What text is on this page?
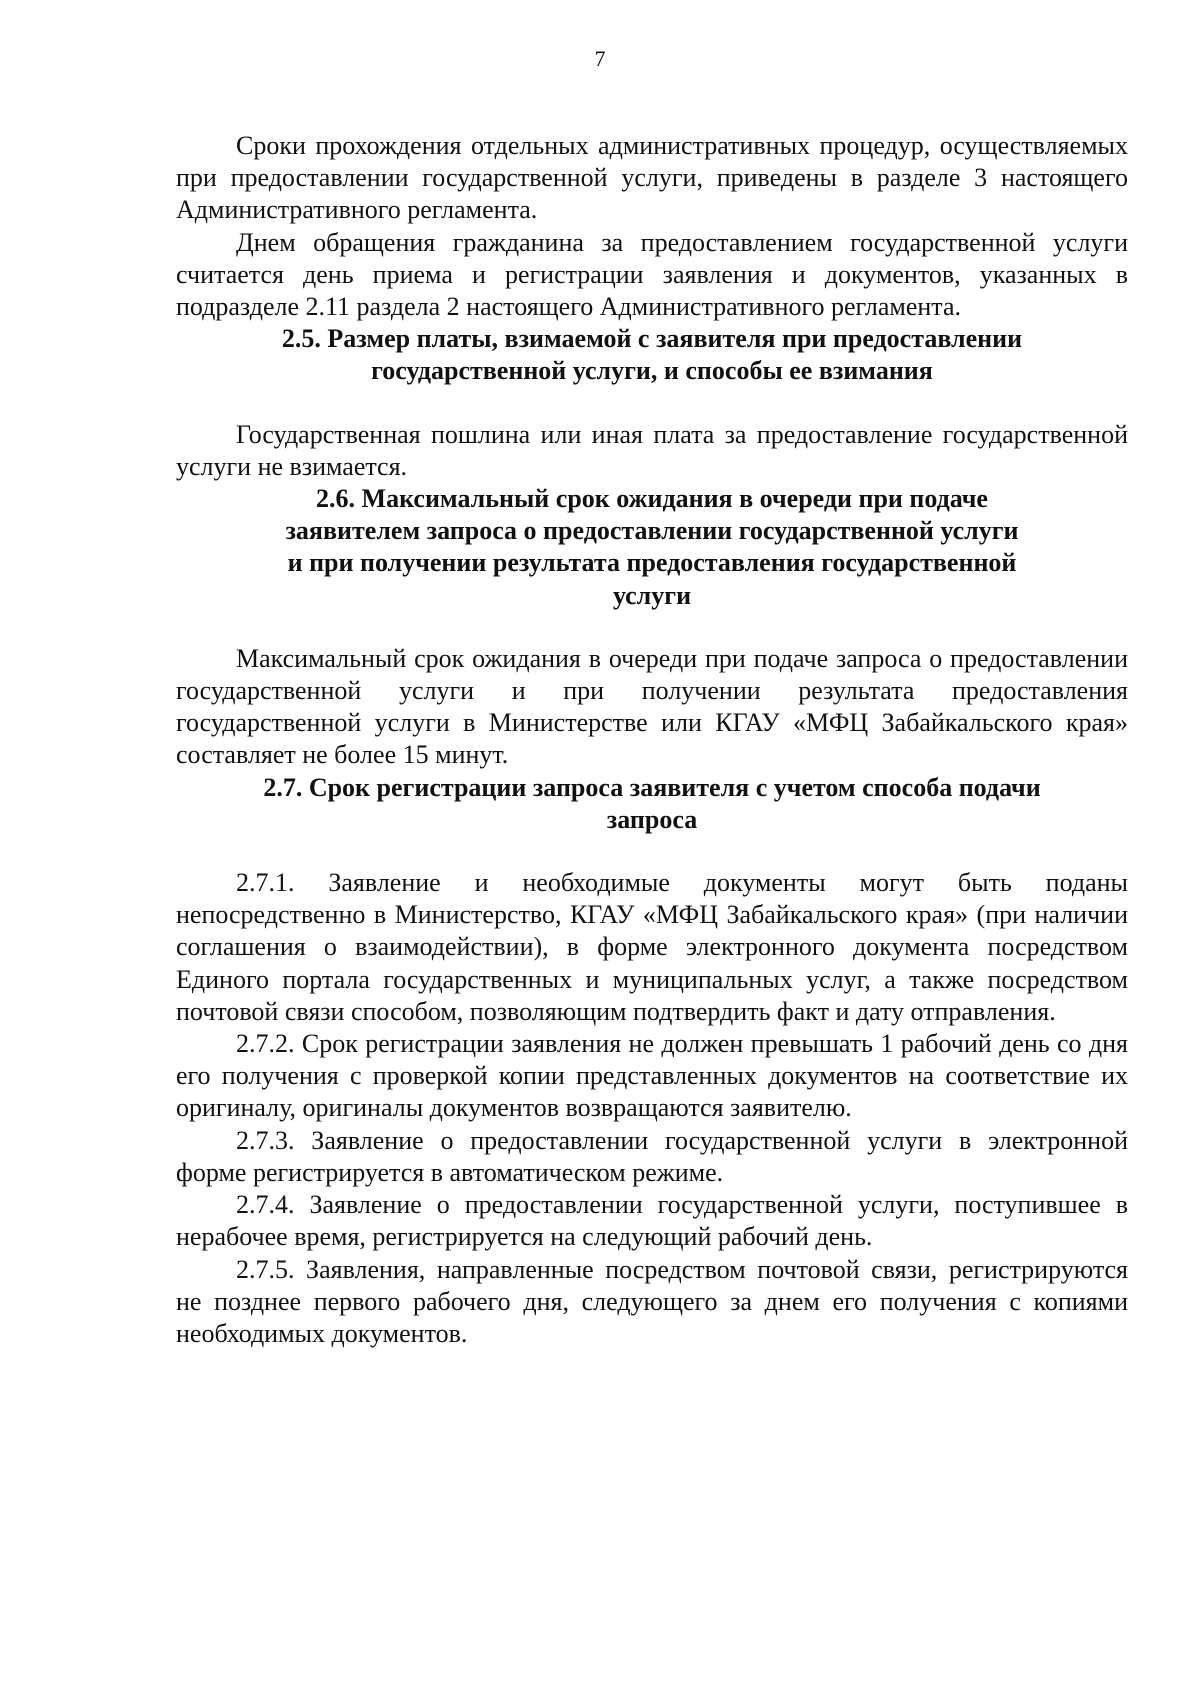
7

Сроки прохождения отдельных административных процедур, осуществляемых при предоставлении государственной услуги, приведены в разделе 3 настоящего Административного регламента.

Днем обращения гражданина за предоставлением государственной услуги считается день приема и регистрации заявления и документов, указанных в подразделе 2.11 раздела 2 настоящего Административного регламента.

2.5. Размер платы, взимаемой с заявителя при предоставлении
государственной услуги, и способы ее взимания

Государственная пошлина или иная плата за предоставление государственной услуги не взимается.

2.6. Максимальный срок ожидания в очереди при подаче
заявителем запроса о предоставлении государственной услуги
и при получении результата предоставления государственной
услуги

Максимальный срок ожидания в очереди при подаче запроса о предоставлении государственной услуги и при получении результата предоставления государственной услуги в Министерстве или КГАУ «МФЦ Забайкальского края» составляет не более 15 минут.

2.7. Срок регистрации запроса заявителя с учетом способа подачи
запроса

2.7.1. Заявление и необходимые документы могут быть поданы непосредственно в Министерство, КГАУ «МФЦ Забайкальского края» (при наличии соглашения о взаимодействии), в форме электронного документа посредством Единого портала государственных и муниципальных услуг, а также посредством почтовой связи способом, позволяющим подтвердить факт и дату отправления.

2.7.2. Срок регистрации заявления не должен превышать 1 рабочий день со дня его получения с проверкой копии представленных документов на соответствие их оригиналу, оригиналы документов возвращаются заявителю.

2.7.3. Заявление о предоставлении государственной услуги в электронной форме регистрируется в автоматическом режиме.

2.7.4. Заявление о предоставлении государственной услуги, поступившее в нерабочее время, регистрируется на следующий рабочий день.

2.7.5. Заявления, направленные посредством почтовой связи, регистрируются не позднее первого рабочего дня, следующего за днем его получения с копиями необходимых документов.
